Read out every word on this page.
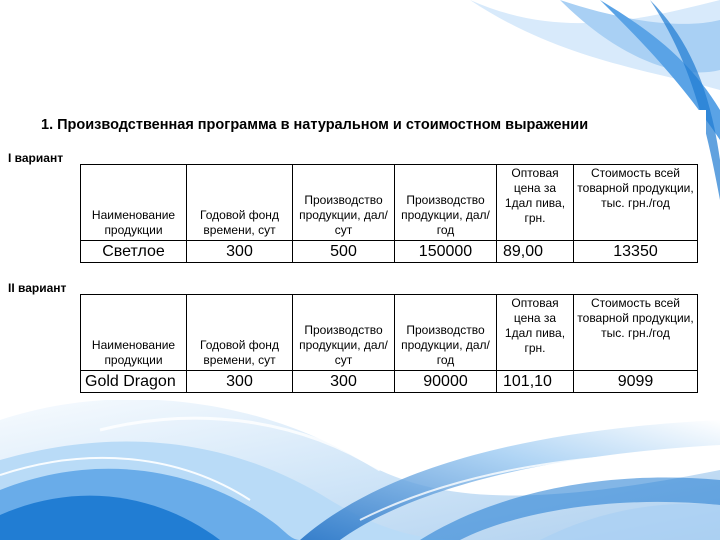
1. Производственная программа в натуральном и стоимостном выражении
I вариант
Наименование продукции	Годовой фонд времени, сут	Производство продукции, дал/сут	Производство продукции, дал/год	Оптовая цена за 1дал пива, грн.	Стоимость всей товарной продукции, тыс. грн./год
Светлое	300	500	150000	89,00	13350
II вариант
Наименование продукции	Годовой фонд времени, сут	Производство продукции, дал/сут	Производство продукции, дал/год	Оптовая цена за 1дал пива, грн.	Стоимость всей товарной продукции, тыс. грн./год
Gold Dragon	300	300	90000	101,10	9099
